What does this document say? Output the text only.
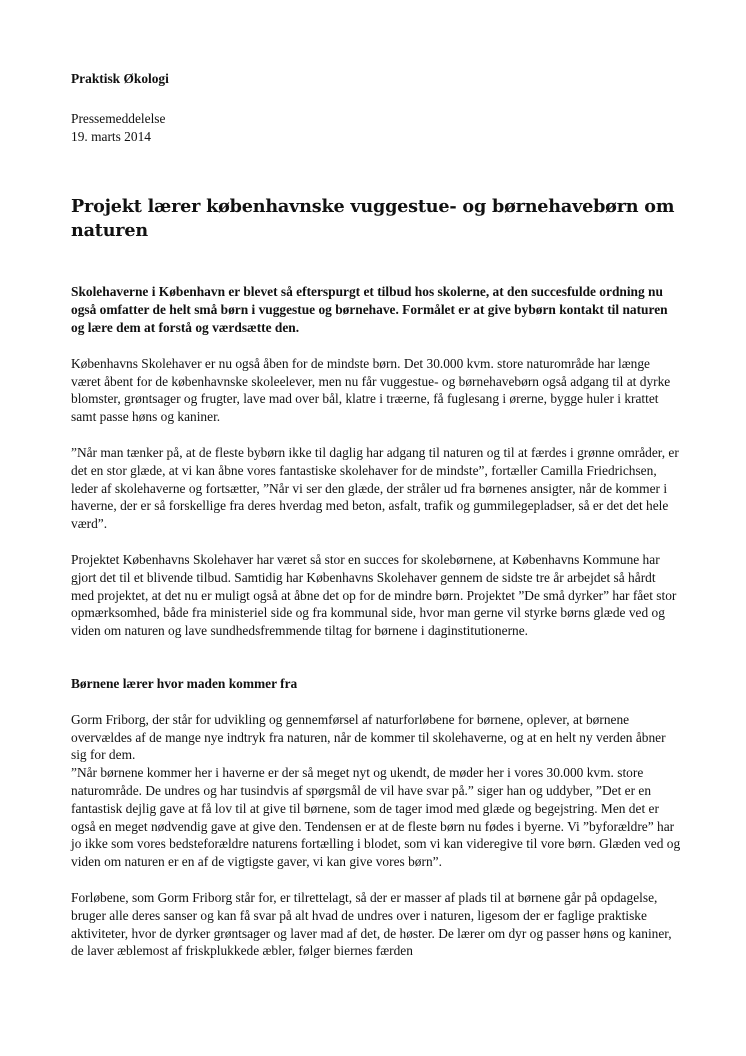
Praktisk Økologi

Pressemeddelelse
19. marts 2014
Projekt lærer københavnske vuggestue- og børnehavebørn om naturen

Skolehaverne i København er blevet så efterspurgt et tilbud hos skolerne, at den succesfulde ordning nu også omfatter de helt små børn i vuggestue og børnehave. Formålet er at give bybørn kontakt til naturen og lære dem at forstå og værdsætte den.

Københavns Skolehaver er nu også åben for de mindste børn. Det 30.000 kvm. store naturområde har længe været åbent for de københavnske skoleelever, men nu får vuggestue- og børnehavebørn også adgang til at dyrke blomster, grøntsager og frugter, lave mad over bål, klatre i træerne, få fuglesang i ørerne, bygge huler i krattet samt passe høns og kaniner.

”Når man tænker på, at de fleste bybørn ikke til daglig har adgang til naturen og til at færdes i grønne områder, er det en stor glæde, at vi kan åbne vores fantastiske skolehaver for de mindste”, fortæller Camilla Friedrichsen, leder af skolehaverne og fortsætter, ”Når vi ser den glæde, der stråler ud fra børnenes ansigter, når de kommer i haverne, der er så forskellige fra deres hverdag med beton, asfalt, trafik og gummilegepladser, så er det det hele værd”.

Projektet Københavns Skolehaver har været så stor en succes for skolebørnene, at Københavns Kommune har gjort det til et blivende tilbud. Samtidig har Københavns Skolehaver gennem de sidste tre år arbejdet så hårdt med projektet, at det nu er muligt også at åbne det op for de mindre børn. Projektet ”De små dyrker” har fået stor opmærksomhed, både fra ministeriel side og fra kommunal side, hvor man gerne vil styrke børns glæde ved og viden om naturen og lave sundhedsfremmende tiltag for børnene i daginstitutionerne.

Børnene lærer hvor maden kommer fra

Gorm Friborg, der står for udvikling og gennemførsel af naturforløbene for børnene, oplever, at børnene overvældes af de mange nye indtryk fra naturen, når de kommer til skolehaverne, og at en helt ny verden åbner sig for dem.

”Når børnene kommer her i haverne er der så meget nyt og ukendt, de møder her i vores 30.000 kvm. store naturområde. De undres og har tusindvis af spørgsmål de vil have svar på.” siger han og uddyber, ”Det er en fantastisk dejlig gave at få lov til at give til børnene, som de tager imod med glæde og begejstring. Men det er også en meget nødvendig gave at give den. Tendensen er at de fleste børn nu fødes i byerne. Vi ”byforældre” har jo ikke som vores bedsteforældre naturens fortælling i blodet, som vi kan videregive til vore børn. Glæden ved og viden om naturen er en af de vigtigste gaver, vi kan give vores børn”.

Forløbene, som Gorm Friborg står for, er tilrettelagt, så der er masser af plads til at børnene går på opdagelse, bruger alle deres sanser og kan få svar på alt hvad de undres over i naturen, ligesom der er faglige praktiske aktiviteter, hvor de dyrker grøntsager og laver mad af det, de høster. De lærer om dyr og passer høns og kaniner, de laver æblemost af friskplukkede æbler, følger biernes færden
